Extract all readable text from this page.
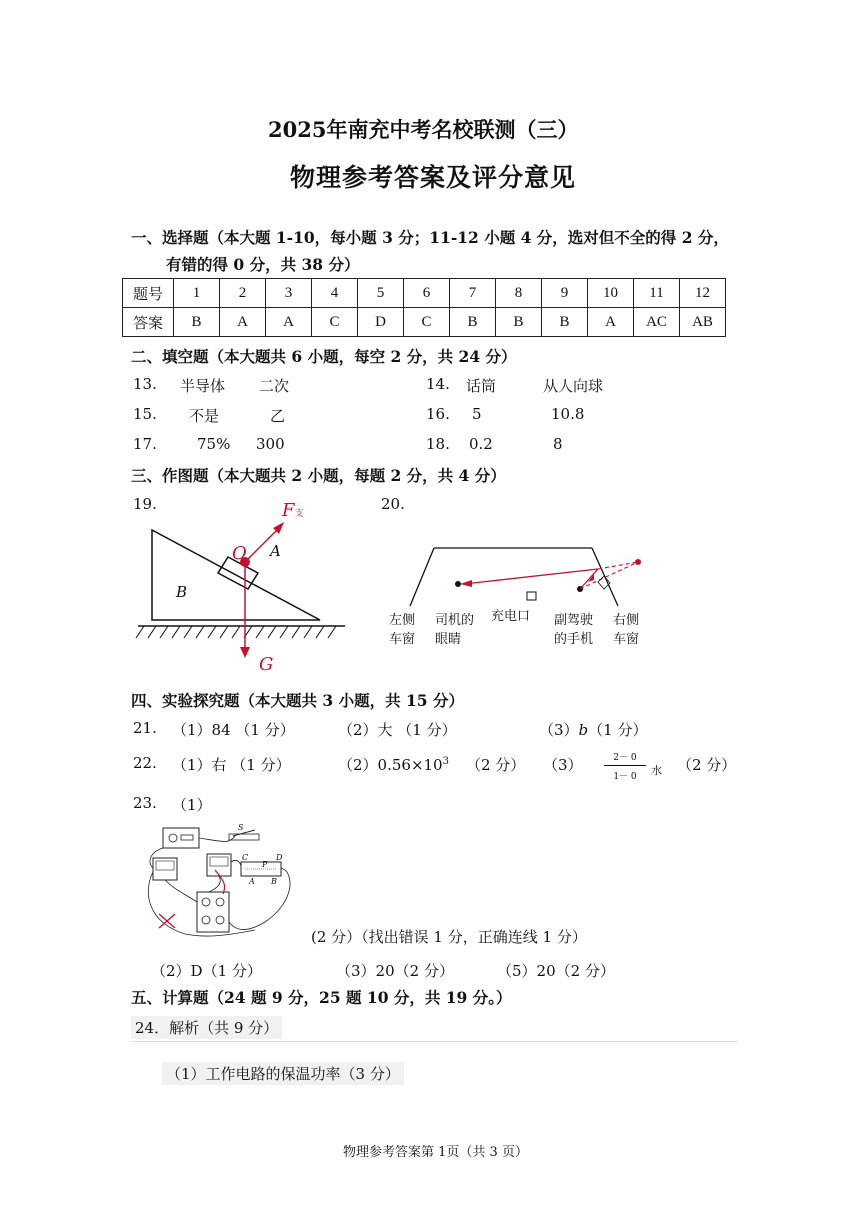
2025年南充中考名校联测（三）
物理参考答案及评分意见
一、选择题（本大题 1-10，每小题 3 分；11-12 小题 4 分，选对但不全的得 2 分，
有错的得 0 分，共 38 分）
题号	1	2	3	4	5	6	7	8	9	10	11	12
答案	B	A	A	C	D	C	B	B	B	A	AC	AB
二、填空题（本大题共 6 小题，每空 2 分，共 24 分）
13. 半导体 二次	14. 话筒	从人向球
15. 不是	乙	16. 5	10.8
17.	75% 300	18. 0.2	8
三、作图题（本大题共 2 小题，每题 2 分，共 4 分）
19.	20.
F支
O A
B
G
左侧车窗
司机的眼睛
充电口 副驾驶的手机
右侧车窗
四、实验探究题（本大题共 3 小题，共 15 分）
21. （1）84 （1 分）	（2）大 （1 分）	（3）b（1 分）
22. （1）右 （1 分）	$(2)0.56\times 10^3$ （2 分） $(3) \frac{2- 0}{1- 0}$ 水 （2 分）
23. （1）
S
C	D
A B
P
(2 分）（找出错误 1 分，正确连线 1 分）
（2）D（1 分）	（3）20（2 分）	（5）20（2 分）
五、计算题（24 题 9 分，25 题 10 分，共 19 分。）
24．解析（共 9 分）
（1）工作电路的保温功率（3 分）
物理参考答案第 1页（共 3 页）
